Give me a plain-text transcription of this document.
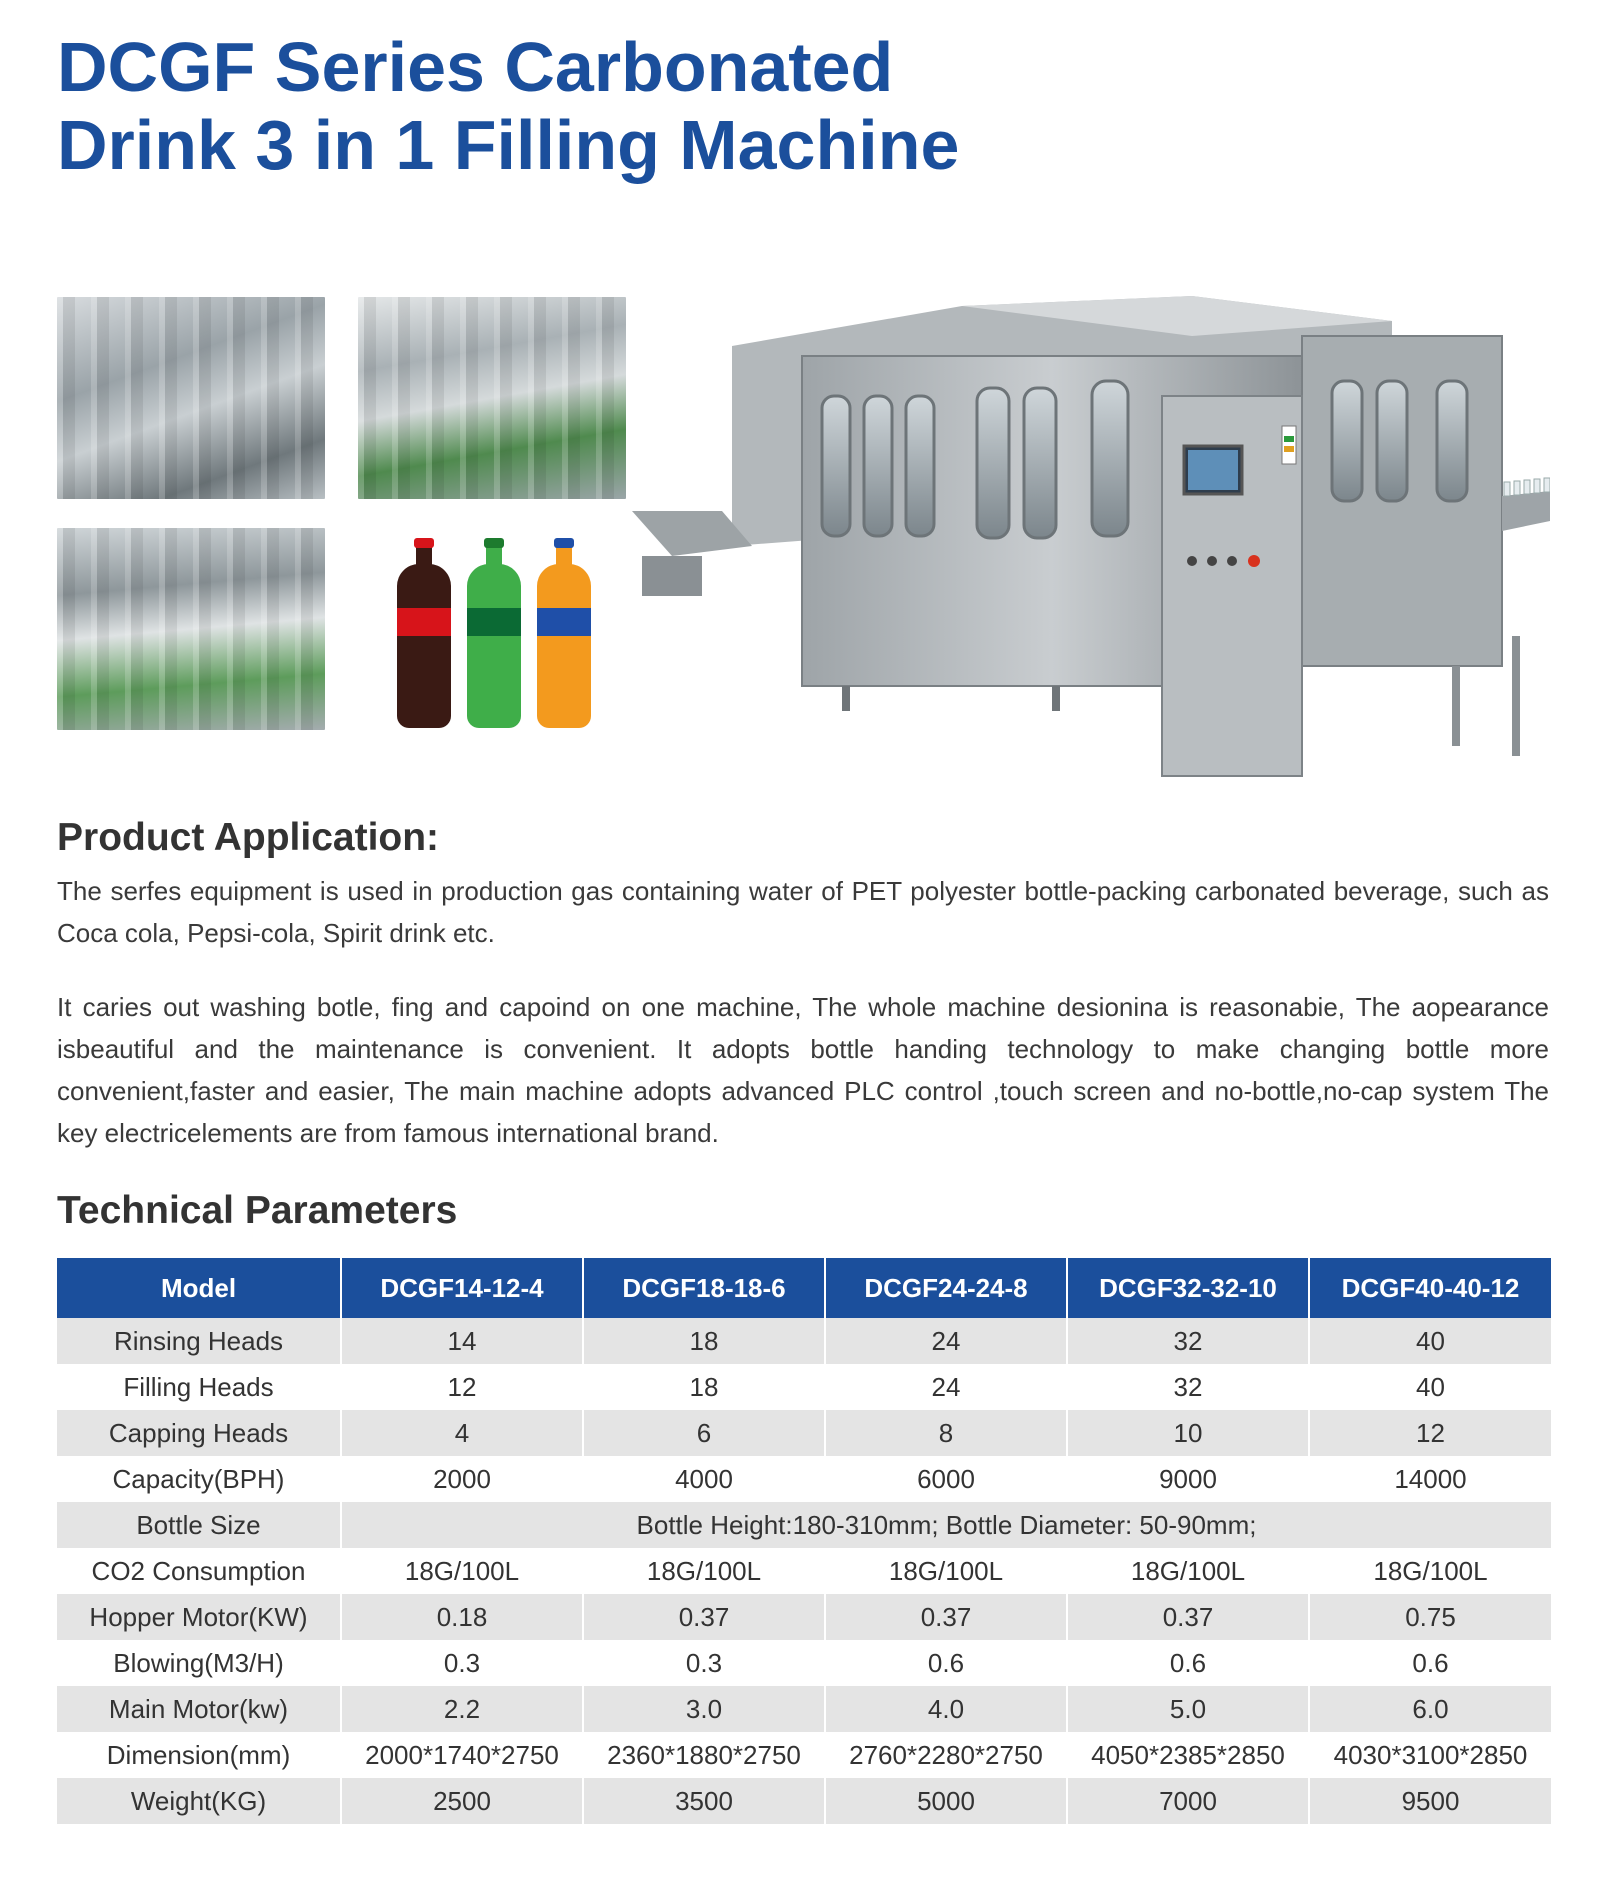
DCGF Series Carbonated
Drink 3 in 1 Filling Machine
Product Application:

The serfes equipment is used in production gas containing water of PET polyester bottle-packing carbonated beverage, such as Coca cola, Pepsi-cola, Spirit drink etc.

It caries out washing botle, fing and capoind on one machine, The whole machine desionina is reasonabie, The aopearance isbeautiful and the maintenance is convenient. It adopts bottle handing technology to make changing bottle more convenient,faster and easier, The main machine adopts advanced PLC control ,touch screen and no-bottle,no-cap system The key electricelements are from famous international brand.

Technical Parameters
Model	DCGF14-12-4	DCGF18-18-6	DCGF24-24-8	DCGF32-32-10	DCGF40-40-12
Rinsing Heads	14	18	24	32	40
Filling Heads	12	18	24	32	40
Capping Heads	4	6	8	10	12
Capacity(BPH)	2000	4000	6000	9000	14000
Bottle Size	Bottle Height:180-310mm; Bottle Diameter: 50-90mm;				
CO2 Consumption	18G/100L	18G/100L	18G/100L	18G/100L	18G/100L
Hopper Motor(KW)	0.18	0.37	0.37	0.37	0.75
Blowing(M3/H)	0.3	0.3	0.6	0.6	0.6
Main Motor(kw)	2.2	3.0	4.0	5.0	6.0
Dimension(mm)	2000*1740*2750	2360*1880*2750	2760*2280*2750	4050*2385*2850	4030*3100*2850
Weight(KG)	2500	3500	5000	7000	9500
